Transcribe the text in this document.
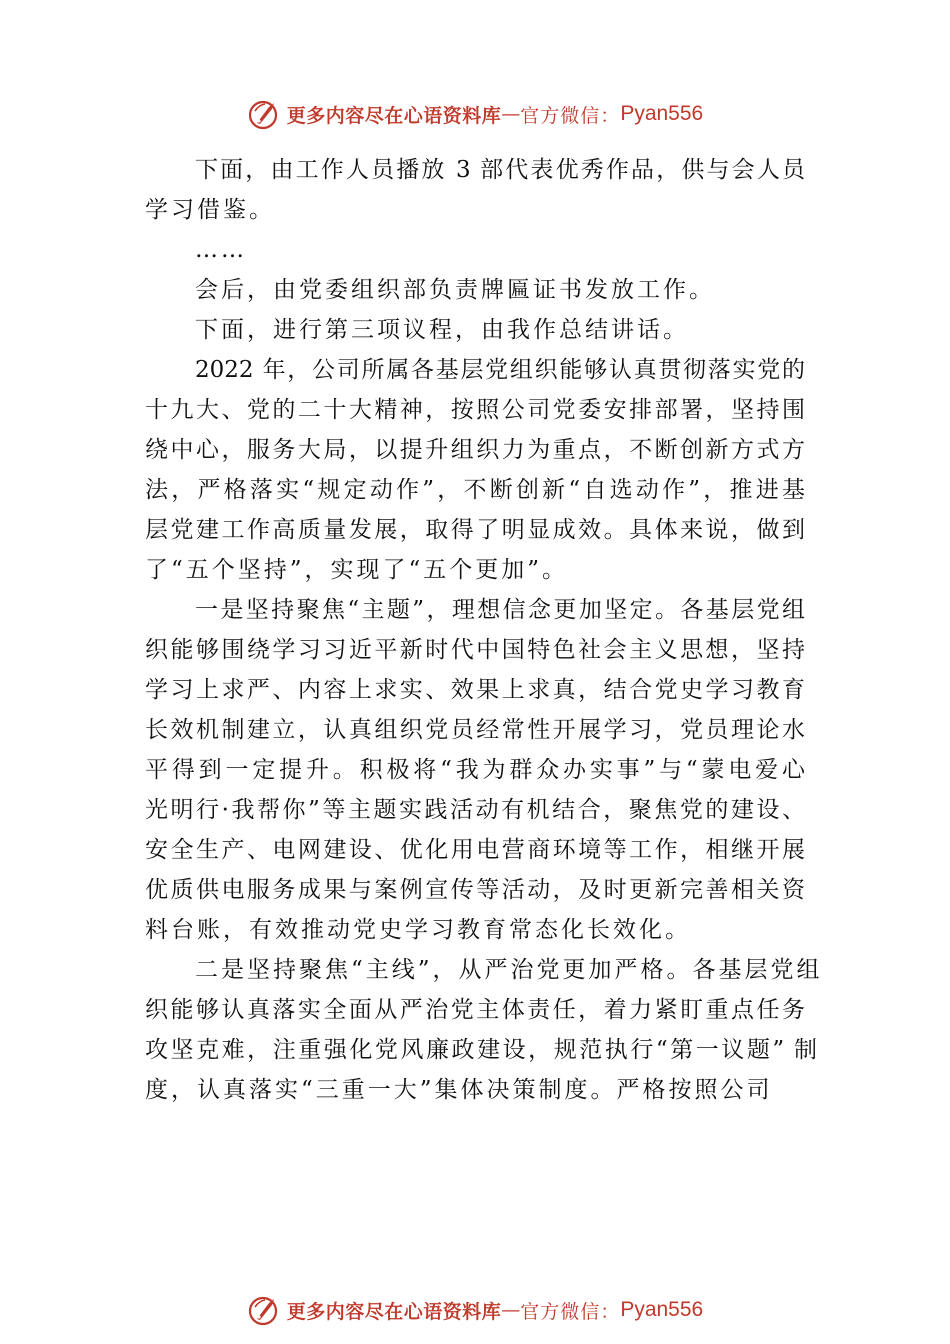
更多内容尽在心语资料库 — 官方微信： Pyan556
下面，由工作人员播放 3 部代表优秀作品，供与会人员
学习借鉴。
……
会后，由党委组织部负责牌匾证书发放工作。
下面，进行第三项议程，由我作总结讲话。
2022 年，公司所属各基层党组织能够认真贯彻落实党的
十九大、党的二十大精神，按照公司党委安排部署，坚持围
绕中心，服务大局，以提升组织力为重点，不断创新方式方
法，严格落实“规定动作”，不断创新“自选动作”，推进基
层党建工作高质量发展，取得了明显成效。具体来说，做到
了“五个坚持”，实现了“五个更加”。
一是坚持聚焦“主题”，理想信念更加坚定。各基层党组
织能够围绕学习习近平新时代中国特色社会主义思想，坚持
学习上求严、内容上求实、效果上求真，结合党史学习教育
长效机制建立，认真组织党员经常性开展学习，党员理论水
平得到一定提升。积极将“我为群众办实事”与“蒙电爱心
光明行·我帮你”等主题实践活动有机结合，聚焦党的建设、
安全生产、电网建设、优化用电营商环境等工作，相继开展
优质供电服务成果与案例宣传等活动，及时更新完善相关资
料台账，有效推动党史学习教育常态化长效化。
二是坚持聚焦“主线”，从严治党更加严格。各基层党组
织能够认真落实全面从严治党主体责任，着力紧盯重点任务
攻坚克难，注重强化党风廉政建设，规范执行“第一议题” 制
度，认真落实“三重一大”集体决策制度。严格按照公司
更多内容尽在心语资料库 — 官方微信： Pyan556
